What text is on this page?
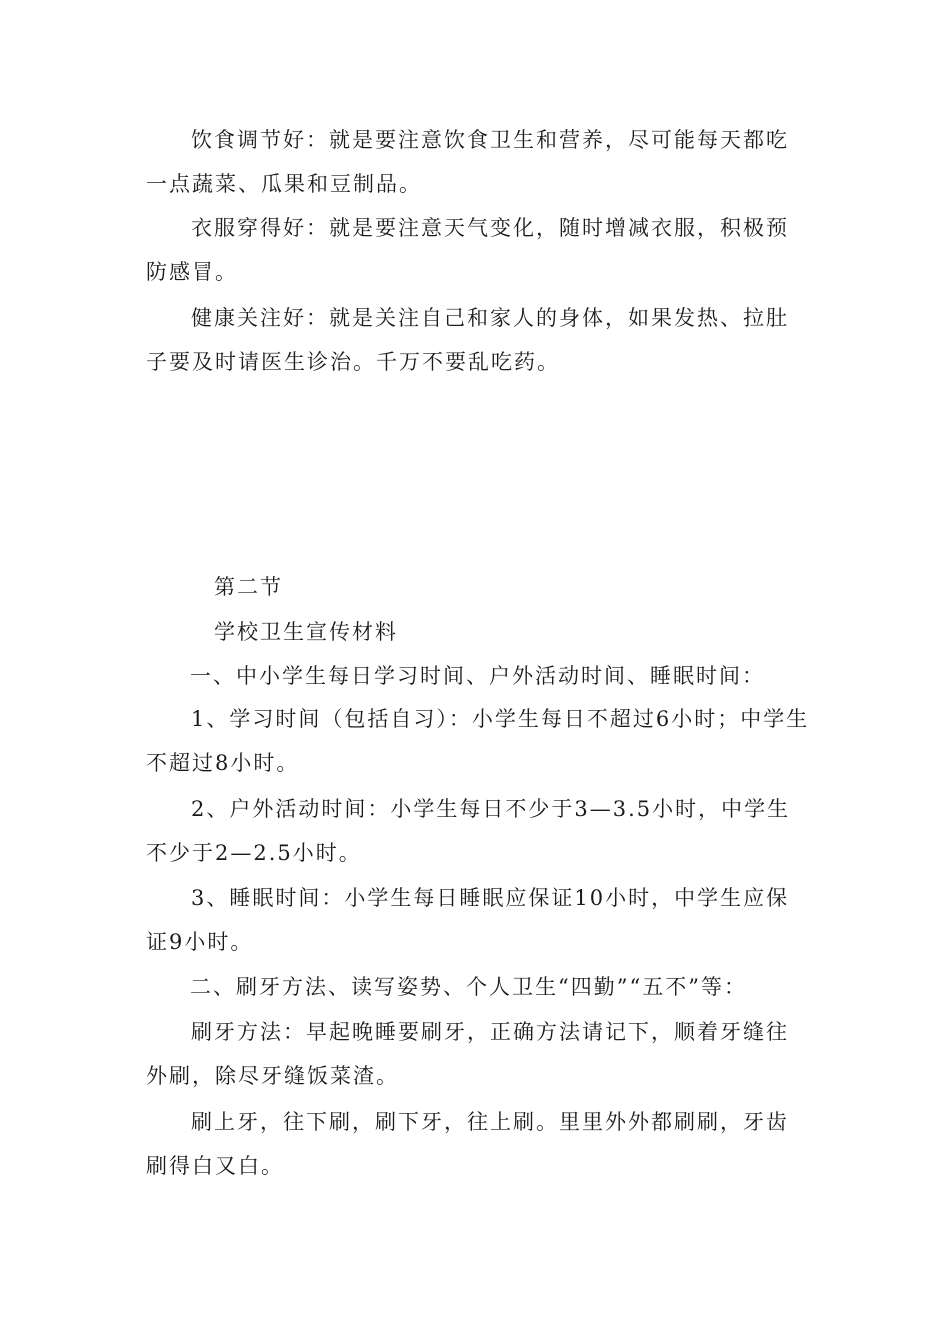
饮食调节好：就是要注意饮食卫生和营养，尽可能每天都吃一点蔬菜、瓜果和豆制品。

衣服穿得好：就是要注意天气变化，随时增减衣服，积极预防感冒。

健康关注好：就是关注自己和家人的身体，如果发热、拉肚子要及时请医生诊治。千万不要乱吃药。

第二节

学校卫生宣传材料

一、中小学生每日学习时间、户外活动时间、睡眠时间：

1、学习时间（包括自习）：小学生每日不超过6小时；中学生不超过8小时。

2、户外活动时间：小学生每日不少于3—3.5小时，中学生不少于2—2.5小时。

3、睡眠时间：小学生每日睡眠应保证10小时，中学生应保证9小时。

二、刷牙方法、读写姿势、个人卫生“四勤”“五不”等：

刷牙方法：早起晚睡要刷牙，正确方法请记下，顺着牙缝往外刷，除尽牙缝饭菜渣。

刷上牙，往下刷，刷下牙，往上刷。里里外外都刷刷，牙齿刷得白又白。
